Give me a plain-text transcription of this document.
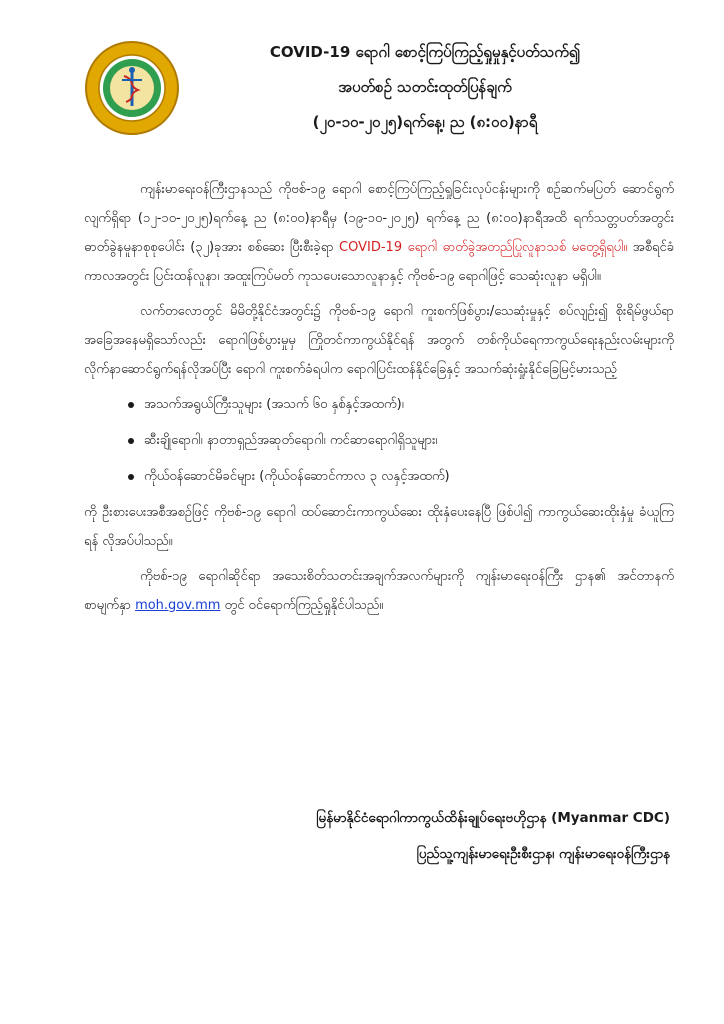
COVID-19 ရောဂါ စောင့်ကြပ်ကြည့်ရှုမှုနှင့်ပတ်သက်၍
အပတ်စဉ် သတင်းထုတ်ပြန်ချက်
(၂၀-၁၀-၂၀၂၅)ရက်နေ့၊ ည (၈:၀၀)နာရီ

ကျန်းမာရေးဝန်ကြီးဌာနသည် ကိုဗစ်-၁၉ ရောဂါ စောင့်ကြပ်ကြည့်ရှုခြင်းလုပ်ငန်းများကို စဉ်ဆက်မပြတ် ဆောင်ရွက်လျက်ရှိရာ (၁၂-၁၀-၂၀၂၅)ရက်နေ့ ည (၈:၀၀)နာရီမှ (၁၉-၁၀-၂၀၂၅) ရက်နေ့ ည (၈:၀၀)နာရီအထိ ရက်သတ္တပတ်အတွင်း ဓာတ်ခွဲနမူနာစုစုပေါင်း (၃၂)ခုအား စစ်ဆေး ပြီးစီးခဲ့ရာ COVID-19 ရောဂါ ဓာတ်ခွဲအတည်ပြုလူနာသစ် မတွေ့ရှိရပါ။ အစီရင်ခံကာလအတွင်း ပြင်းထန်လူနာ၊ အထူးကြပ်မတ် ကုသပေးသောလူနာနှင့် ကိုဗစ်-၁၉ ရောဂါဖြင့် သေဆုံးလူနာ မရှိပါ။

လက်တလောတွင် မိမိတို့နိုင်ငံအတွင်း၌ ကိုဗစ်-၁၉ ရောဂါ ကူးစက်ဖြစ်ပွား/သေဆုံးမှုနှင့် စပ်လျဉ်း၍ စိုးရိမ်ဖွယ်ရာအခြေအနေမရှိသော်လည်း ရောဂါဖြစ်ပွားမှုမှ ကြိုတင်ကာကွယ်နိုင်ရန် အတွက် တစ်ကိုယ်ရေကာကွယ်ရေးနည်းလမ်းများကို လိုက်နာဆောင်ရွက်ရန်လိုအပ်ပြီး ရောဂါ ကူးစက်ခံရပါက ရောဂါပြင်းထန်နိုင်ခြေနှင့် အသက်ဆုံးရှုံးနိုင်ခြေမြင့်မားသည့်

အသက်အရွယ်ကြီးသူများ (အသက် ၆၀ နှစ်နှင့်အထက်)၊
ဆီးချိုရောဂါ၊ နာတာရှည်အဆုတ်ရောဂါ၊ ကင်ဆာရောဂါရှိသူများ၊
ကိုယ်ဝန်ဆောင်မိခင်များ (ကိုယ်ဝန်ဆောင်ကာလ ၃ လနှင့်အထက်)

ကို ဦးစားပေးအစီအစဉ်ဖြင့် ကိုဗစ်-၁၉ ရောဂါ ထပ်ဆောင်းကာကွယ်ဆေး ထိုးနှံပေးနေပြီ ဖြစ်ပါ၍ ကာကွယ်ဆေးထိုးနှံမှု ခံယူကြရန် လိုအပ်ပါသည်။

ကိုဗစ်-၁၉ ရောဂါဆိုင်ရာ အသေးစိတ်သတင်းအချက်အလက်များကို ကျန်းမာရေးဝန်ကြီး ဌာန၏ အင်တာနက်စာမျက်နှာ moh.gov.mm တွင် ဝင်ရောက်ကြည့်ရှုနိုင်ပါသည်။

မြန်မာနိုင်ငံရောဂါကာကွယ်ထိန်းချုပ်ရေးဗဟိုဌာန (Myanmar CDC)
ပြည်သူ့ကျန်းမာရေးဦးစီးဌာန၊ ကျန်းမာရေးဝန်ကြီးဌာန
